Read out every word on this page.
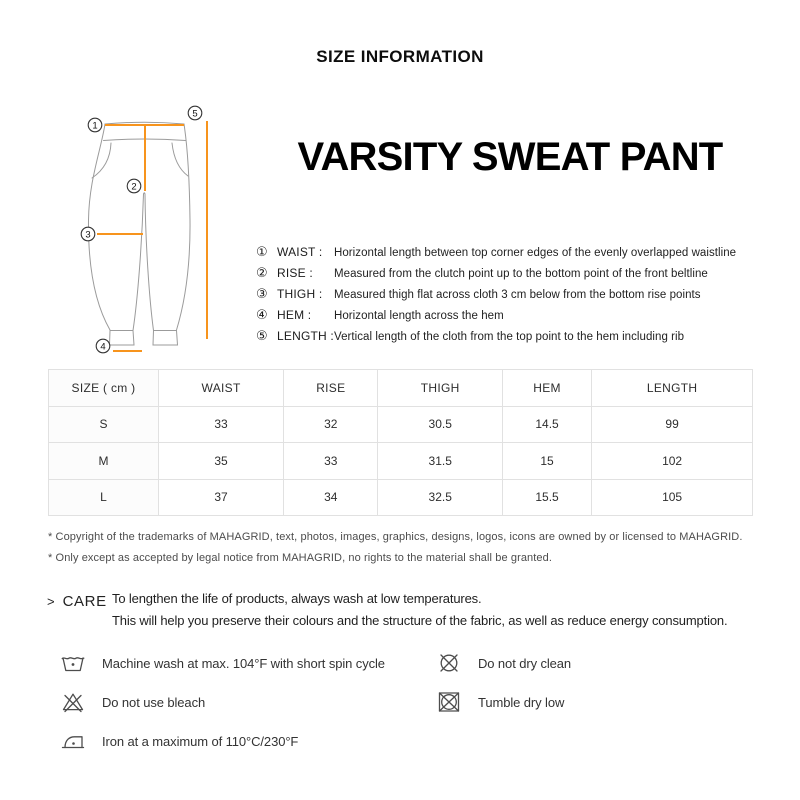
SIZE INFORMATION
1
2
3
4
5
VARSITY SWEAT PANT
① WAIST :	Horizontal length between top corner edges of the evenly overlapped waistline
② RISE :	Measured from the clutch point up to the bottom point of the front beltline
③ THIGH :	Measured thigh flat across cloth 3 cm below from the bottom rise points
④ HEM :	Horizontal length across the hem
⑤ LENGTH : Vertical length of the cloth from the top point to the hem including rib
SIZE ( cm )	WAIST	RISE	THIGH	HEM	LENGTH
S	33	32	30.5	14.5	99
M	35	33	31.5	15	102
L	37	34	32.5	15.5	105

* Copyright of the trademarks of MAHAGRID, text, photos, images, graphics, designs, logos, icons are owned by or licensed to MAHAGRID.

* Only except as accepted by legal notice from MAHAGRID, no rights to the material shall be granted.

> CARE To lengthen the life of products, always wash at low temperatures.

This will help you preserve their colours and the structure of the fabric, as well as reduce energy consumption.

Machine wash at max. 104°F with short spin cycle
Do not use bleach
Iron at a maximum of 110°C/230°F
Do not dry clean
Tumble dry low
